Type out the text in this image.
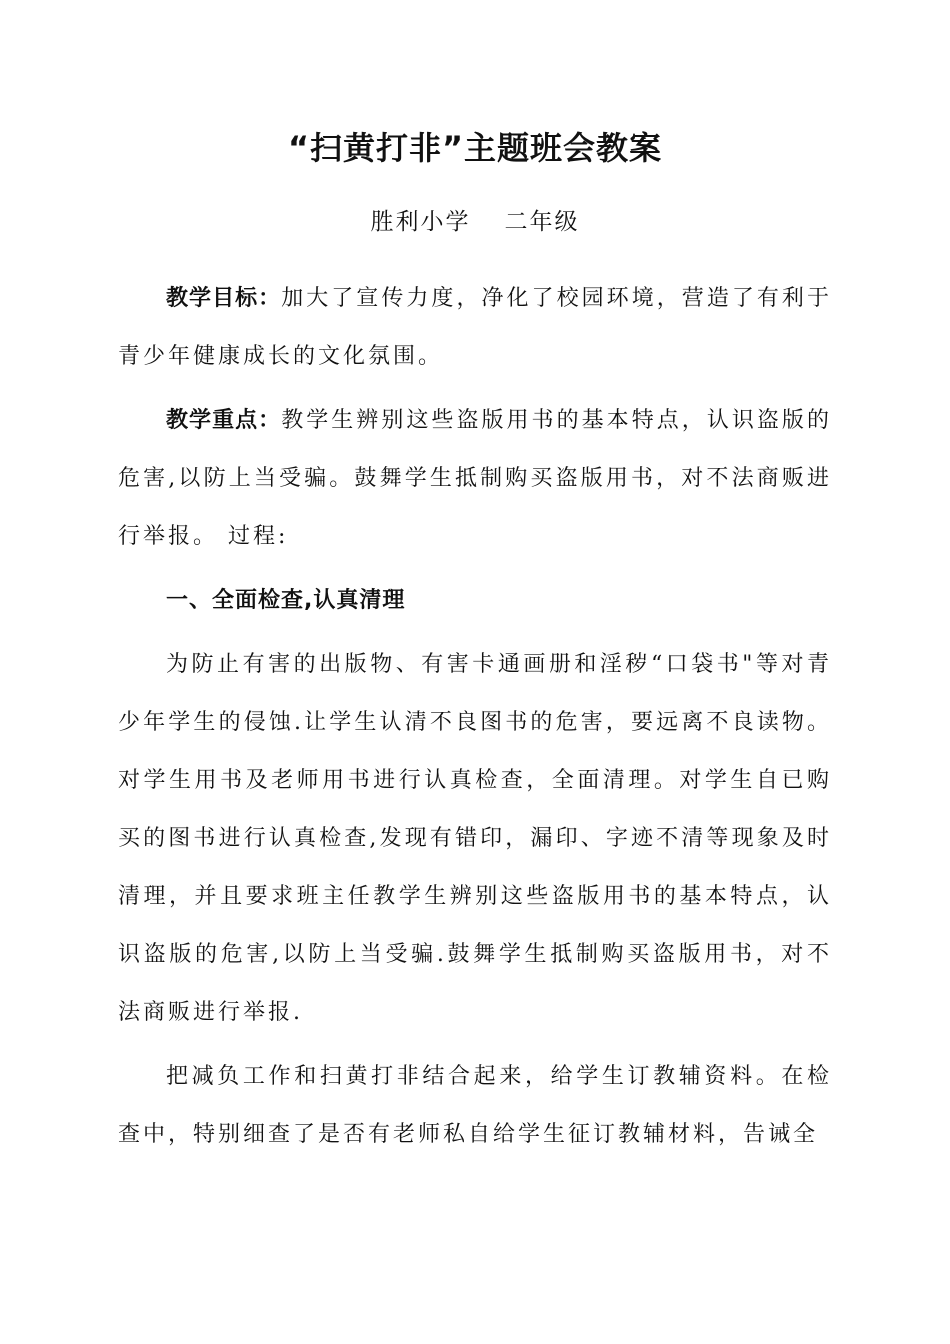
“扫黄打非”主题班会教案
胜利小学 二年级

教学目标：加大了宣传力度，净化了校园环境，营造了有利于青少年健康成长的文化氛围。

教学重点：教学生辨别这些盗版用书的基本特点，认识盗版的危害,以防上当受骗。鼓舞学生抵制购买盗版用书，对不法商贩进行举报。 过程:

一、全面检查,认真清理

为防止有害的出版物、有害卡通画册和淫秽“口袋书"等对青少年学生的侵蚀.让学生认清不良图书的危害，要远离不良读物。 对学生用书及老师用书进行认真检查，全面清理。对学生自已购买的图书进行认真检查,发现有错印，漏印、字迹不清等现象及时清理，并且要求班主任教学生辨别这些盗版用书的基本特点，认识盗版的危害,以防上当受骗.鼓舞学生抵制购买盗版用书，对不法商贩进行举报.

把减负工作和扫黄打非结合起来，给学生订教辅资料。在检查中，特别细查了是否有老师私自给学生征订教辅材料，告诫全
